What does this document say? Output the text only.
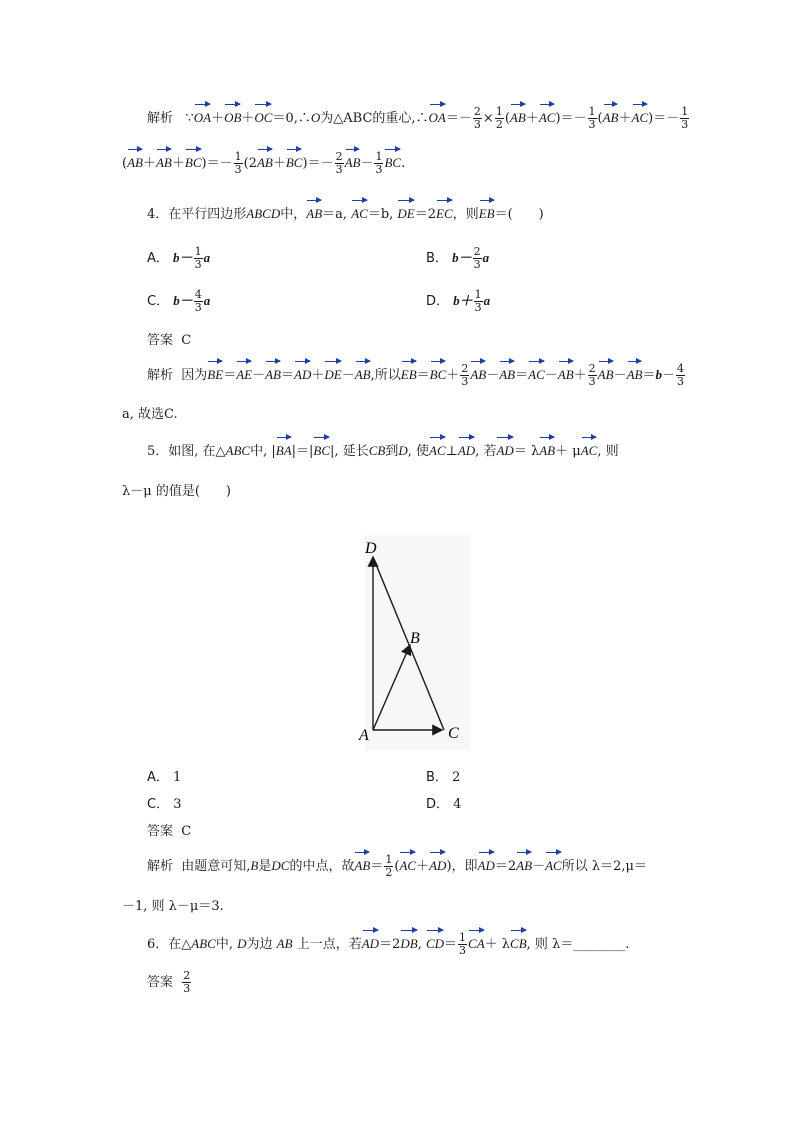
解析 ∵OA＋OB＋OC＝0,∴O为△ABC的重心,∴OA＝－ $\frac{2}{3} \times \frac{1}{2} (AB+AC)=- \frac{1}{3} (AB+AC)=- \frac{1}{3}$
$(AB+AB+BC)=- \frac{1}{3} (2AB+BC)=- \frac{2}{3} AB- \frac{1}{3}$ BC.
4．在平行四边形ABCD中，AB＝a, AC＝b, DE＝2EC，则EB＝(　　)
A． $b- \frac{1}{3}$ a	B． $b- \frac{2}{3}$ a
C． $b- \frac{4}{3}$ a	D． $b+ \frac{1}{3}$ a
答案 C
解析 因为BE＝AE－AB＝AD＋DE－AB,所以$EB=BC+ \frac{2}{3} AB-AB=AC-AB+ \frac{2}{3} AB-AB=b- \frac{4}{3}$
a, 故选C.
5．如图, 在△ABC中, |BA|＝|BC|, 延长CB到D, 使AC⊥AD, 若AD＝ λAB＋ μAC, 则
λ－μ 的值是(　　)
D
B
A	C
A． 1	B． 2
C． 3	D． 4
答案 C
解析 由题意可知,B是DC的中点，故$AB= \frac{1}{2} (AC+AD)$，即AD＝2AB－AC所以 λ＝2,μ＝
－1, 则 λ－μ＝3.
6．在△ABC中, D为边 AB 上一点，若AD＝2DB, $CD= \frac{1}{3} CA+ \lambda CB$, 则 λ＝________.
答案 $\frac{2}{3}$
